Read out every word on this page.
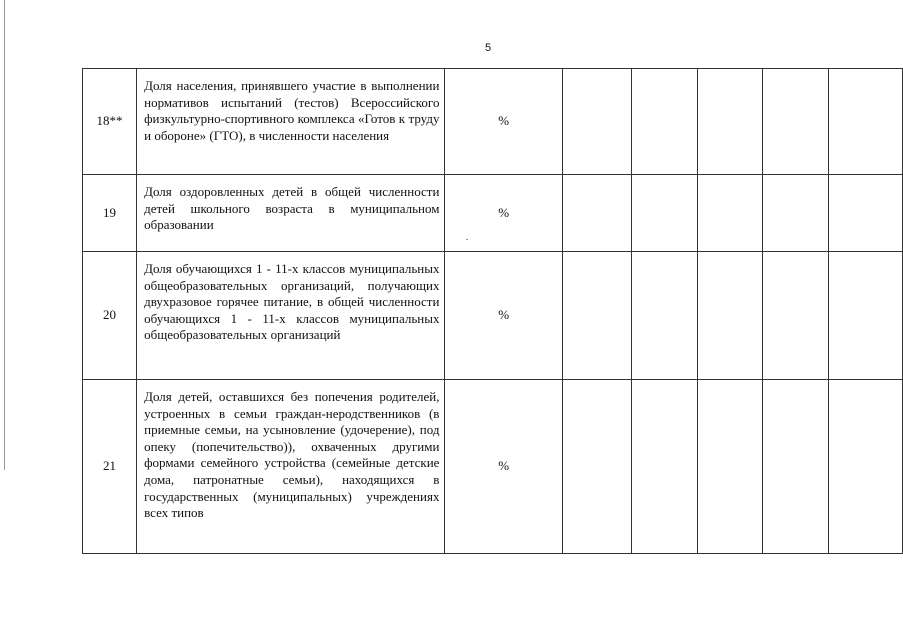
5
18**	Доля населения, принявшего участие в выполнении нормативов испытаний (тестов) Всероссийского физкультурно-спортивного комплекса «Готов к труду и обороне» (ГТО), в численности населения	%					
19	Доля оздоровленных детей в общей численности детей школьного возраста в муниципальном образовании	%					
20	Доля обучающихся 1 - 11-х классов муниципальных общеобразовательных организаций, получающих двухразовое горячее питание, в общей численности обучающихся 1 - 11-х классов муниципальных общеобразовательных организаций	%					
21	Доля детей, оставшихся без попечения родителей, устроенных в семьи граждан-неродственников (в приемные семьи, на усыновление (удочерение), под опеку (попечительство)), охваченных другими формами семейного устройства (семейные детские дома, патронатные семьи), находящихся в государственных (муниципальных) учреждениях всех типов	%					
